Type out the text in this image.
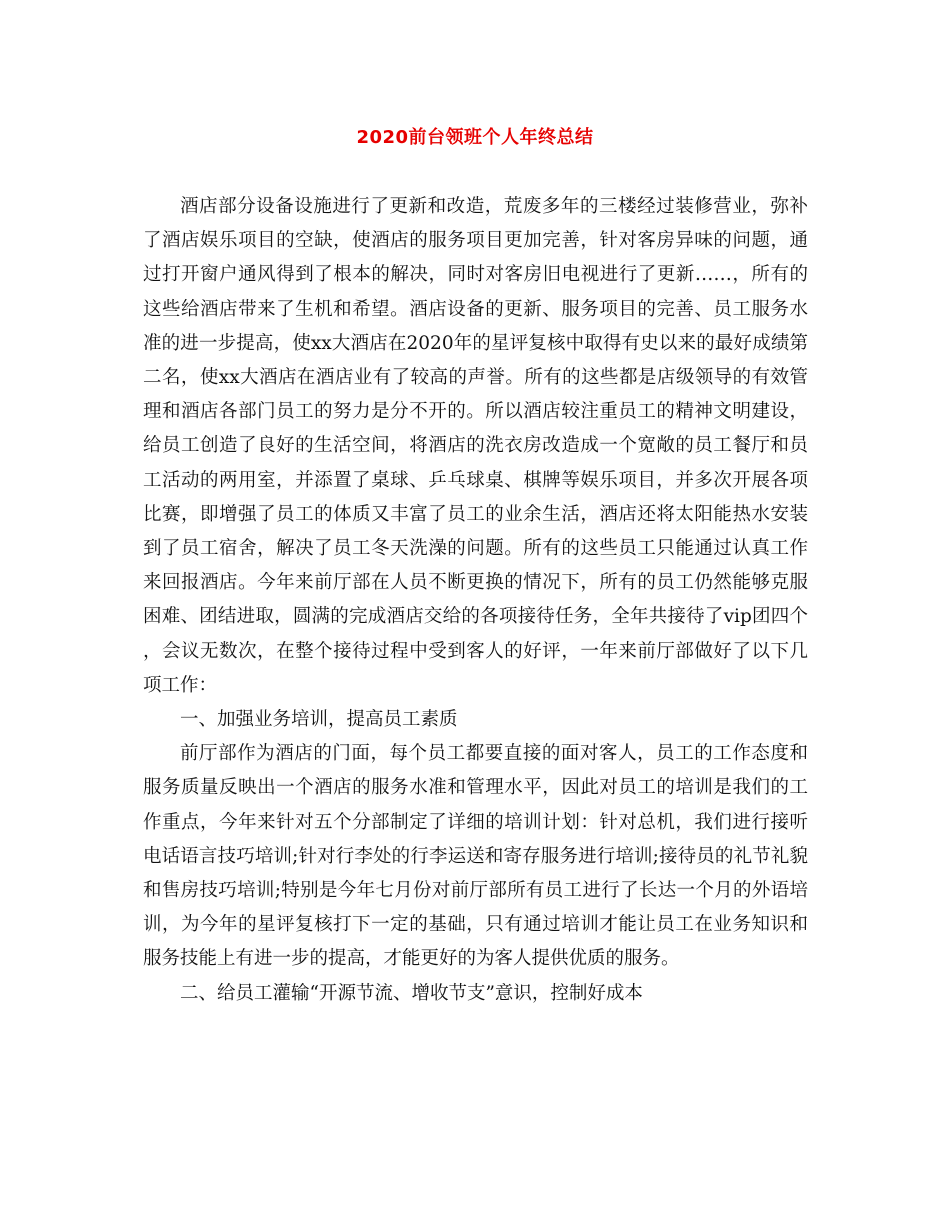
2020前台领班个人年终总结

酒店部分设备设施进行了更新和改造，荒废多年的三楼经过装修营业，弥补了酒店娱乐项目的空缺，使酒店的服务项目更加完善，针对客房异味的问题，通过打开窗户通风得到了根本的解决，同时对客房旧电视进行了更新……，所有的这些给酒店带来了生机和希望。酒店设备的更新、服务项目的完善、员工服务水准的进一步提高，使xx大酒店在2020年的星评复核中取得有史以来的最好成绩第二名，使xx大酒店在酒店业有了较高的声誉。所有的这些都是店级领导的有效管理和酒店各部门员工的努力是分不开的。所以酒店较注重员工的精神文明建设，给员工创造了良好的生活空间，将酒店的洗衣房改造成一个宽敞的员工餐厅和员工活动的两用室，并添置了桌球、乒乓球桌、棋牌等娱乐项目，并多次开展各项比赛，即增强了员工的体质又丰富了员工的业余生活，酒店还将太阳能热水安装到了员工宿舍，解决了员工冬天洗澡的问题。所有的这些员工只能通过认真工作来回报酒店。今年来前厅部在人员不断更换的情况下，所有的员工仍然能够克服困难、团结进取，圆满的完成酒店交给的各项接待任务，全年共接待了vip团四个，会议无数次，在整个接待过程中受到客人的好评，一年来前厅部做好了以下几项工作：

一、加强业务培训，提高员工素质

前厅部作为酒店的门面，每个员工都要直接的面对客人，员工的工作态度和服务质量反映出一个酒店的服务水准和管理水平，因此对员工的培训是我们的工作重点，今年来针对五个分部制定了详细的培训计划：针对总机，我们进行接听电话语言技巧培训;针对行李处的行李运送和寄存服务进行培训;接待员的礼节礼貌和售房技巧培训;特别是今年七月份对前厅部所有员工进行了长达一个月的外语培训，为今年的星评复核打下一定的基础，只有通过培训才能让员工在业务知识和服务技能上有进一步的提高，才能更好的为客人提供优质的服务。

二、给员工灌输“开源节流、增收节支”意识，控制好成本
